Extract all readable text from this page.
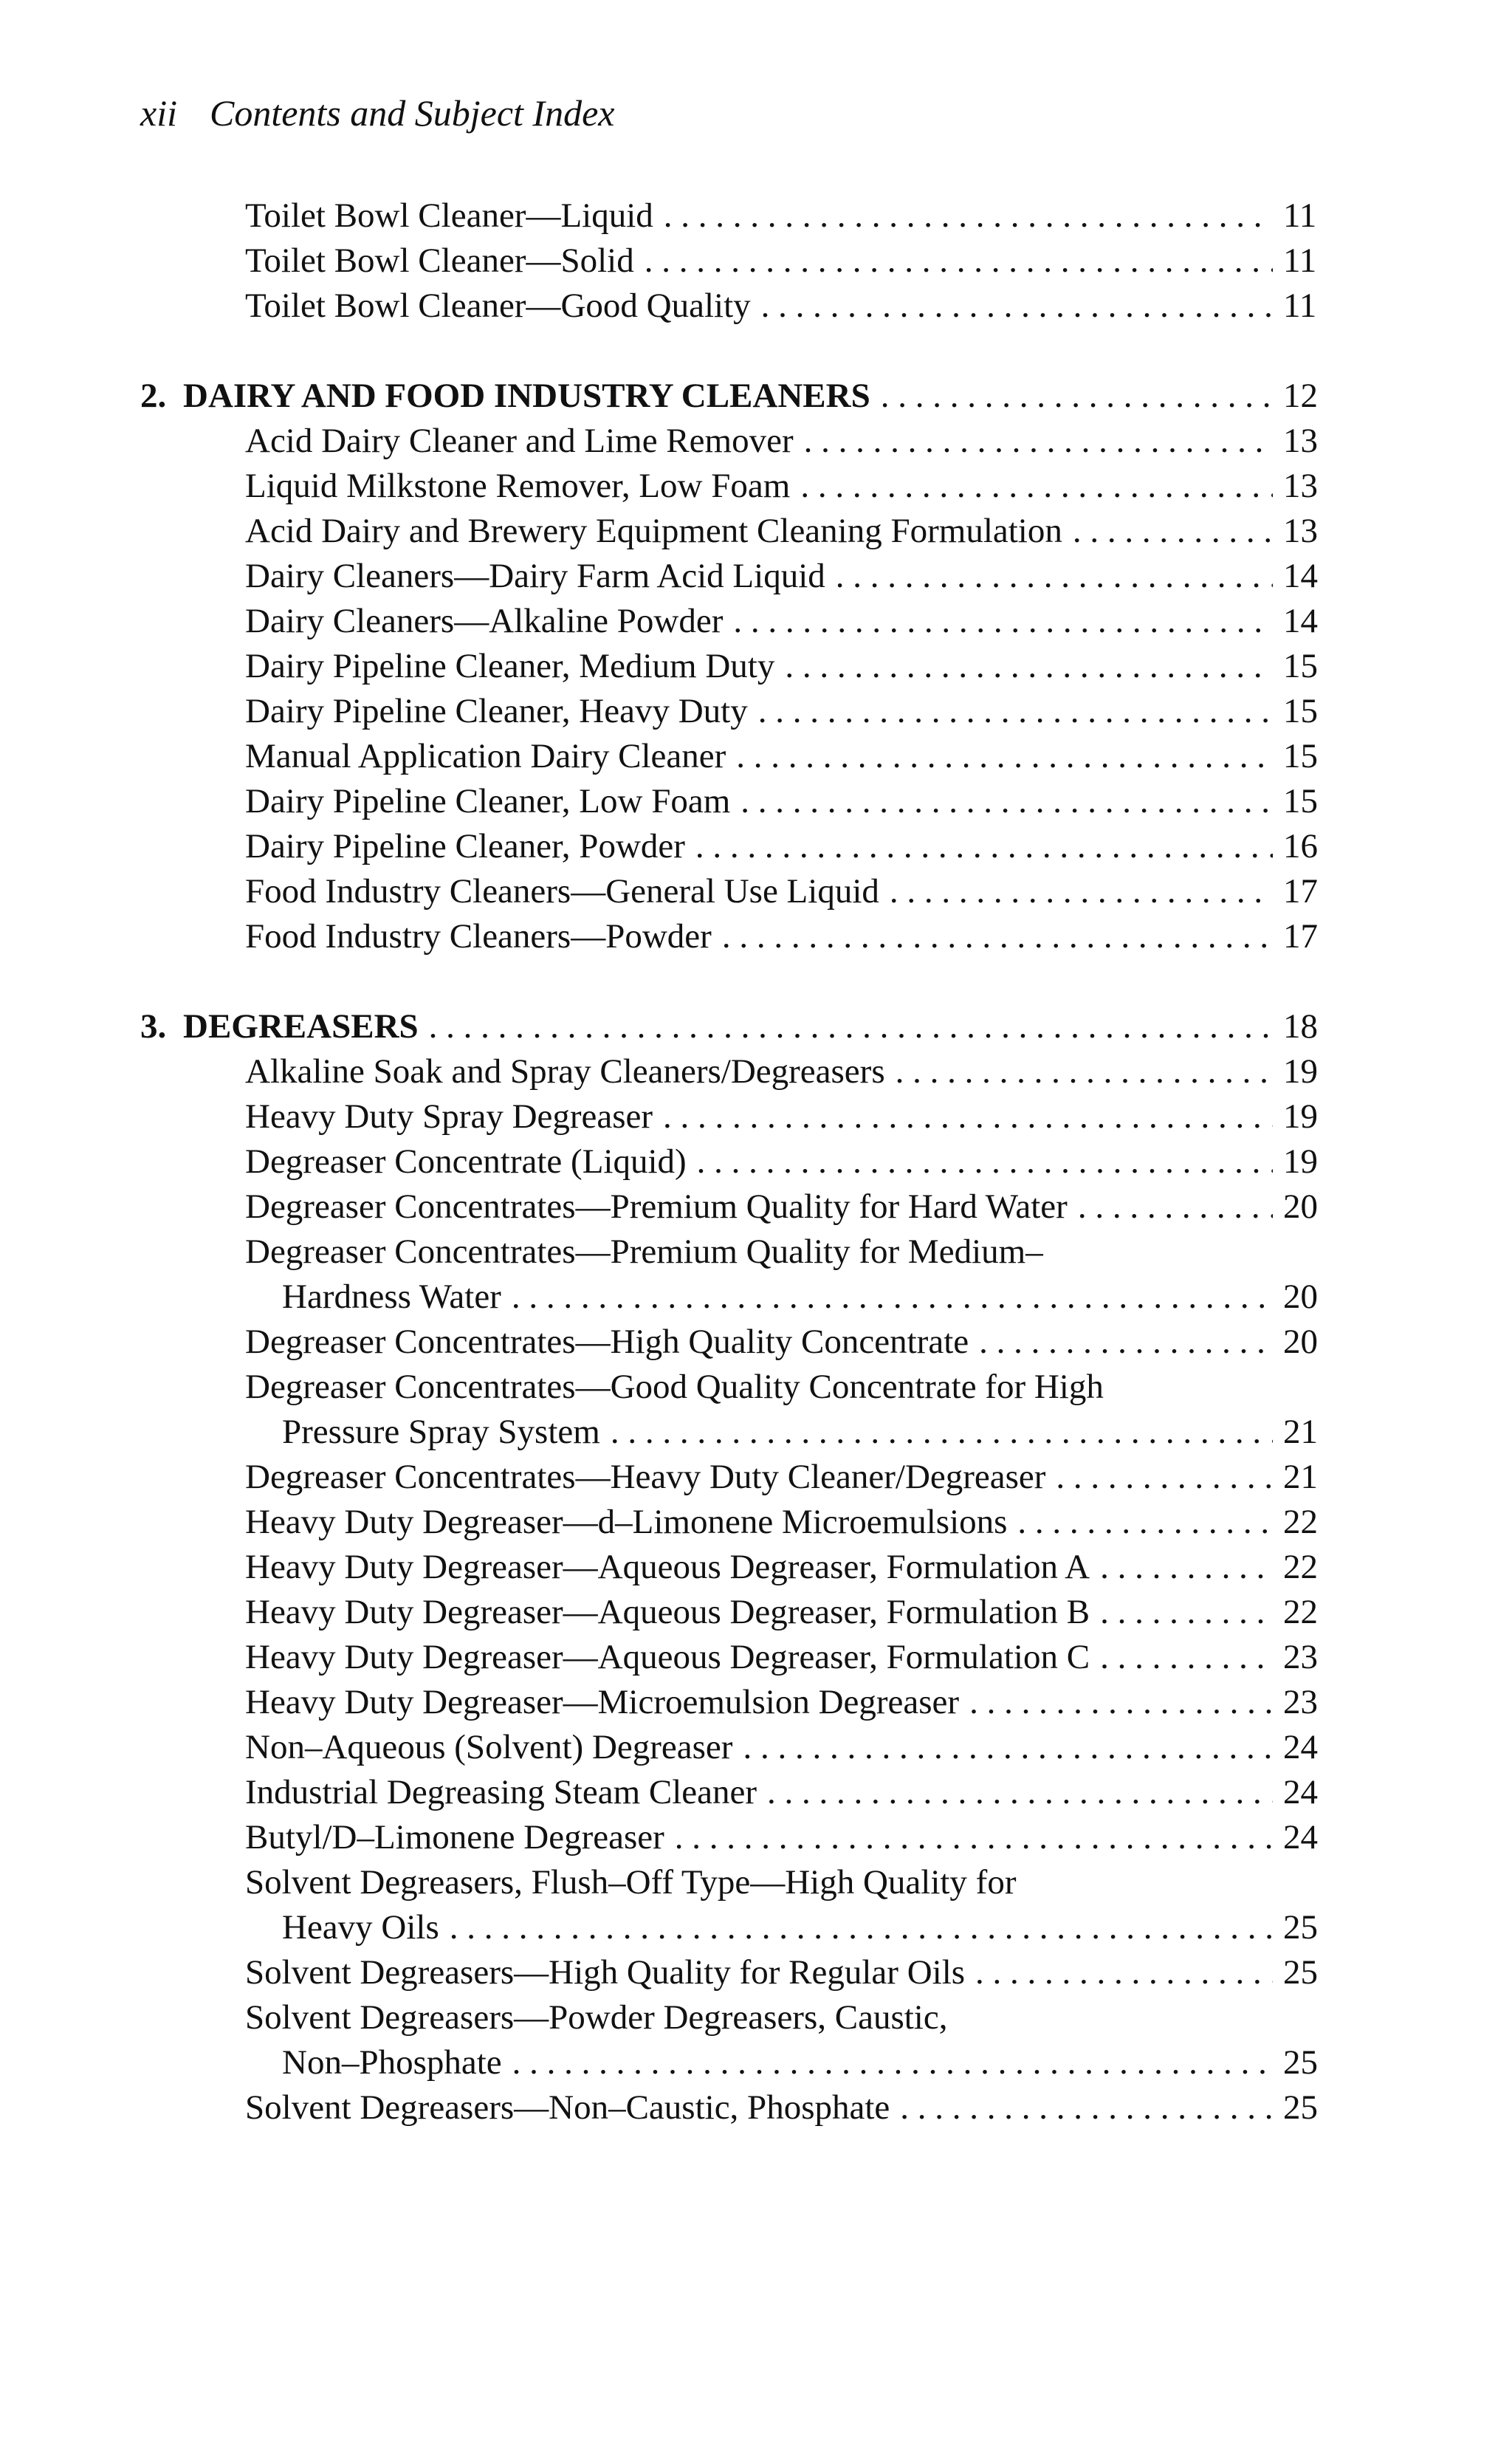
xii Contents and Subject Index
Toilet Bowl Cleaner—Liquid . . .	11
Toilet Bowl Cleaner—Solid . . .	11
Toilet Bowl Cleaner—Good Quality . . .	11
2. DAIRY AND FOOD INDUSTRY CLEANERS . . .	12
Acid Dairy Cleaner and Lime Remover . . .	13
Liquid Milkstone Remover, Low Foam . . .	13
Acid Dairy and Brewery Equipment Cleaning Formulation . . .	13
Dairy Cleaners—Dairy Farm Acid Liquid . . .	14
Dairy Cleaners—Alkaline Powder . . .	14
Dairy Pipeline Cleaner, Medium Duty . . .	15
Dairy Pipeline Cleaner, Heavy Duty . . .	15
Manual Application Dairy Cleaner . . .	15
Dairy Pipeline Cleaner, Low Foam . . .	15
Dairy Pipeline Cleaner, Powder . . .	16
Food Industry Cleaners—General Use Liquid . . .	17
Food Industry Cleaners—Powder . . .	17
3. DEGREASERS . . .	18
Alkaline Soak and Spray Cleaners/Degreasers . . .	19
Heavy Duty Spray Degreaser . . .	19
Degreaser Concentrate (Liquid) . . .	19
Degreaser Concentrates—Premium Quality for Hard Water . . .	20
Degreaser Concentrates—Premium Quality for Medium–
Hardness Water . . .	20
Degreaser Concentrates—High Quality Concentrate . . .	20
Degreaser Concentrates—Good Quality Concentrate for High
Pressure Spray System . . .	21
Degreaser Concentrates—Heavy Duty Cleaner/Degreaser . . .	21
Heavy Duty Degreaser—d–Limonene Microemulsions . . .	22
Heavy Duty Degreaser—Aqueous Degreaser, Formulation A . . .	22
Heavy Duty Degreaser—Aqueous Degreaser, Formulation B . . .	22
Heavy Duty Degreaser—Aqueous Degreaser, Formulation C . . .	23
Heavy Duty Degreaser—Microemulsion Degreaser . . .	23
Non–Aqueous (Solvent) Degreaser . . .	24
Industrial Degreasing Steam Cleaner . . .	24
Butyl/D–Limonene Degreaser . . .	24
Solvent Degreasers, Flush–Off Type—High Quality for
Heavy Oils . . .	25
Solvent Degreasers—High Quality for Regular Oils . . .	25
Solvent Degreasers—Powder Degreasers, Caustic,
Non–Phosphate . . .	25
Solvent Degreasers—Non–Caustic, Phosphate . . .	25
